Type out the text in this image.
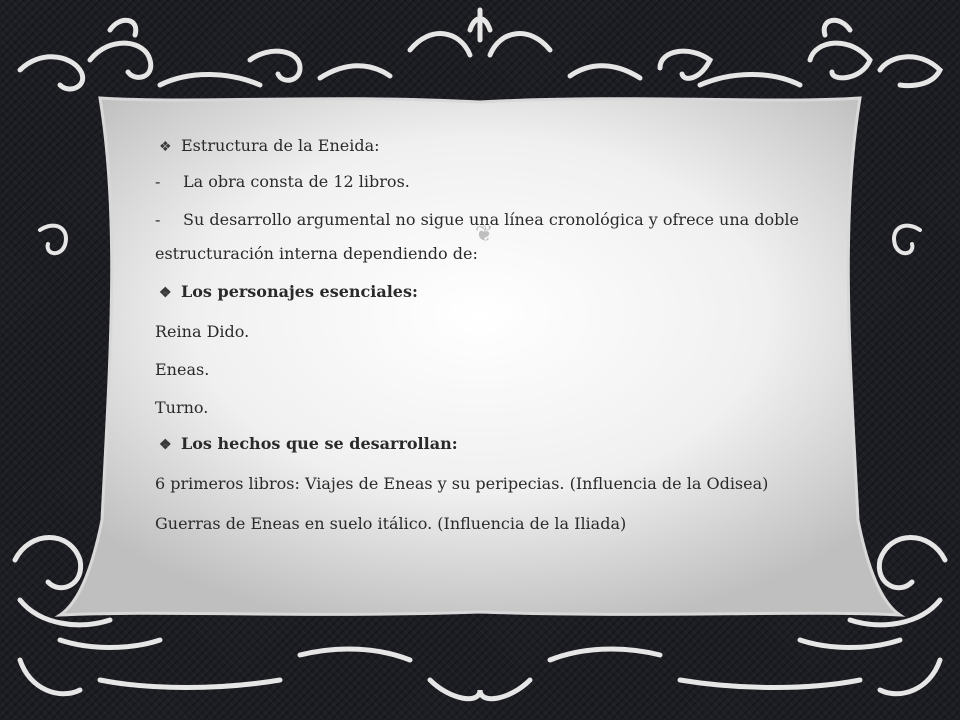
❦
❖ Estructura de la Eneida:
- La obra consta de 12 libros.
- Su desarrollo argumental no sigue una línea cronológica y ofrece una doble
estructuración interna dependiendo de:
❖ Los personajes esenciales:
Reina Dido.
Eneas.
Turno.
❖ Los hechos que se desarrollan:
6 primeros libros: Viajes de Eneas y su peripecias. (Influencia de la Odisea)
Guerras de Eneas en suelo itálico. (Influencia de la Iliada)
